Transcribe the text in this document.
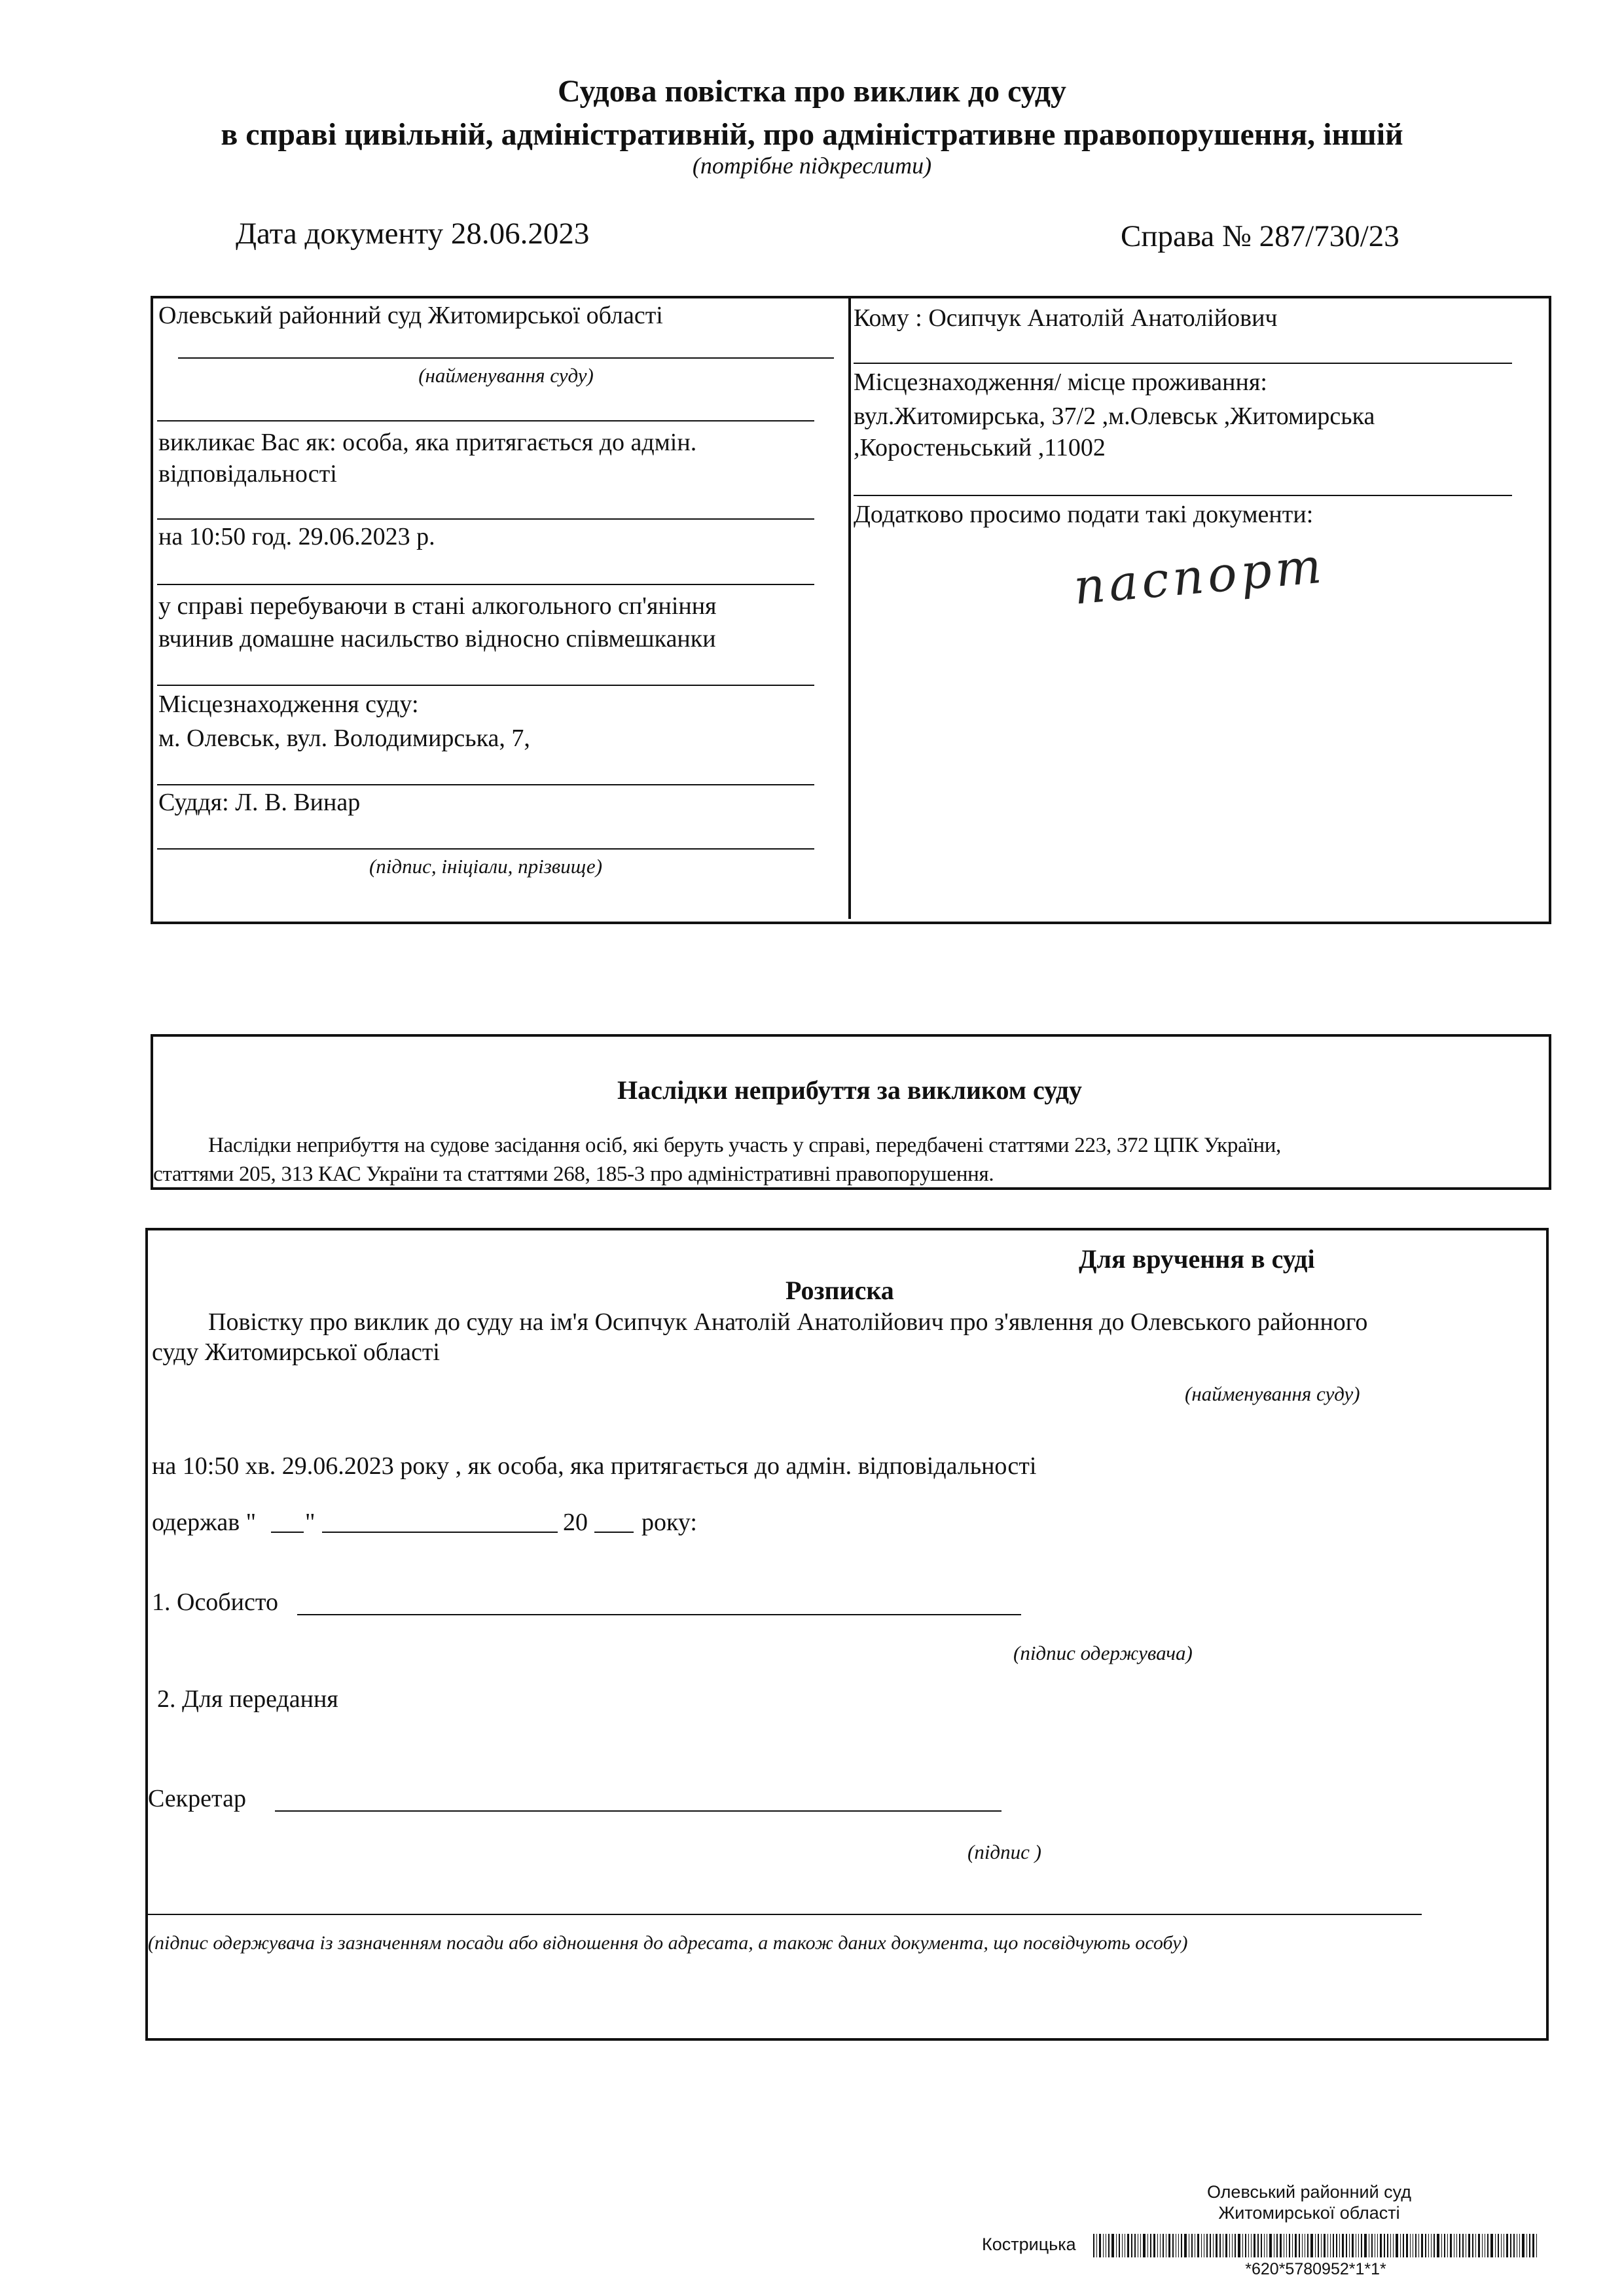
Судова повістка про виклик до суду
в справі цивільній, адміністративній, про адміністративне правопорушення, іншій
(потрібне підкреслити)
Дата документу 28.06.2023	Справа № 287/730/23
Олевський районний суд Житомирської області
(найменування суду)
викликає Вас як: особа, яка притягається до адмін.
відповідальності
на 10:50 год. 29.06.2023 р.
у справі перебуваючи в стані алкогольного сп'яніння
вчинив домашне насильство відносно співмешканки
Місцезнаходження суду:
м. Олевськ, вул. Володимирська, 7,
Суддя: Л. В. Винар
(підпис, ініціали, прізвище)
Кому : Осипчук Анатолій Анатолійович
Місцезнаходження/ місце проживання:
вул.Житомирська, 37/2 ,м.Олевськ ,Житомирська
,Коростеньський ,11002
Додатково просимо подати такі документи:
паспорт
Наслідки неприбуття за викликом суду
Наслідки неприбуття на судове засідання осіб, які беруть участь у справі, передбачені статтями 223, 372 ЦПК України,
статтями 205, 313 КАС України та статтями 268, 185-3 про адміністративні правопорушення.
Для вручення в суді
Розписка
Повістку про виклик до суду на ім'я Осипчук Анатолій Анатолійович про з'явлення до Олевського районного
суду Житомирської області
(найменування суду)
на 10:50 хв. 29.06.2023 року , як особа, яка притягається до адмін. відповідальності
одержав " "	20 року:
1. Особисто
(підпис одержувача)
2. Для передання
Секретар
(підпис )
(підпис одержувача із зазначенням посади або відношення до адресата, а також даних документа, що посвідчують особу)
Олевський районний суд
Житомирської області
Кострицька
*620*5780952*1*1*
